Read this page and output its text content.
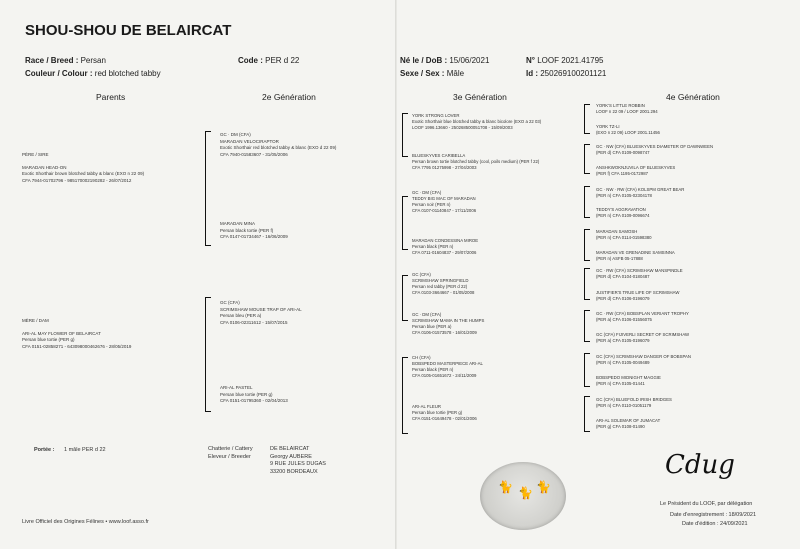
SHOU-SHOU DE BELAIRCAT
Race / Breed : Persan
Couleur / Colour : red blotched tabby
Code : PER d 22	Né le / DoB : 15/06/2021
Sexe / Sex : Mâle
N° LOOF 2021.41795
Id : 250269100201121
Parents	2e Génération	3e Génération	4e Génération
PÈRE / SIRE
MARADAN HEAD-ON
Exotic Shorthair brown blotched tabby & blanc (EXO n 22 09)
CFA 7944-01702796 - 985170002190282 - 26/07/2012
MÈRE / DAM
ARI-AL MAY FLOWER OF BELAIRCAT
Persan blue tortie (PER g)
CFA 0151-02858271 - 643098000462676 - 28/05/2019
GC · DM (CFA)
MARADAN VELOCIRAPTOR
Exotic Shorthair red blotched tabby & blanc (EXO d 22 09)
CFA 7940-01583607 - 31/05/2006
MARADAN MINA
Persan black tortie (PER f)
CFA 0147-01734467 - 16/06/2009
GC (CFA)
SCRIMSHAW MOUSE TRAP OF ARI-AL
Persan bleu (PER a)
CFA 0106-02311612 - 15/07/2015
ARI-AL PASTEL
Persan blue tortie (PER g)
CFA 0151-01795360 - 02/04/2013
YORK STRONG LOVER
Exotic Shorthair blue blotched tabby & blanc bicolore (EXO a 22 03)
LOOF 1996.13660 - 250268500051708 - 15/09/2003
BLUESKYVES CARIBELLA
Persan brown tortie blotched tabby (cool, poils medium) (PER f 22)
CFA 7795 01275998 - 27/04/2003
GC · DM (CFA)
TEDDY BIG MAC OF MARADAN
Persan noir (PER n)
CFA 0107-01140847 - 17/11/2006
MARADAN CONDESSINA MIROE
Persan black (PER n)
CFA 0711-01604837 - 29/07/2006
GC (CFA)
SCRIMSHAW SPRINGFIELD
Persan red tabby (PER d 22)
CFA 0103-3664667 - 01/05/2008
GC · DM (CFA)
SCRIMSHAW MAMA IN THE HUMPS
Persan blue (PER a)
CFA 0106-01573578 - 16/01/2009
CH (CFA)
BOBSPEDO MASTERPIECE ARI-AL
Persan black (PER n)
CFA 0105-01651672 - 24/11/2009
ARI-AL FLEUR
Persan blue tortie (PER g)
CFA 0151-01649478 - 02/01/2006
YORK'S LITTLE ROBBIN
LOOF n 22 09 / LOOF 2001.294
YORK TZ-LI
(EXO n 22 09) LOOF 2001.11456
GC · NW (CFA) BLUESKYVES DIAMETER OF DAWNWEEN
(PER d) CFA 0109-0098747
ANSHKWOKNJUVILA OF BLUESKYVES
(PER f) CFA 1195-0172987
GC · NW · RW (CFA) KOLSPM GREAT BEAR
(PER n) CFA 0105-02304178
TEDDY'S AGGRAVATION
(PER n) CFA 0109-0096674
MARADAN SAMOSH
(PER n) CFA 0114-01598380
MARADAN VE GRENADINE SAMSINNA
(PER n) ASFB 05-17888
GC · RW (CFA) SCRIMSHAW MANSPINDLE
(PER d) CFA 0104-0180487
JUSTIFIER'S TRUE LIFE OF SCRIMSHAW
(PER d) CFA 0106-0196079
GC · RW (CFA) BOBSPLAN VERIANT TROPHY
(PER a) CFA 0106-01556075
GC (CFA) FIJIVERLI SECRET OF SCRIMSHAW
(PER a) CFA 0105-0196079
GC (CFA) SCRIMSHAW DANGER OF BOBSPAN
(PER n) CFA 0105-0049489
BOBSPEDO MIDNIGHT MAGGIE
(PER n) CFA 0105-01441
GC (CFA) BLUEFOLD IRISH BRIDGES
(PER n) CFA 0110-01051179
ARI-AL SOLEMAR OF JUMACAT
(PER g) CFA 0108-01490
Portée : 1 mâle PER d 22	Chatterie / Cattery
Eleveur / Breeder
DE BELAIRCAT
Georgy AUBERE
9 RUE JULES DUGAS
33200 BORDEAUX
Livre Officiel des Origines Félines • www.loof.asso.fr
🐈 🐈 🐈
Cdug
Le Président du LOOF, par délégation
Date d'enregistrement : 18/09/2021
Date d'édition : 24/09/2021
